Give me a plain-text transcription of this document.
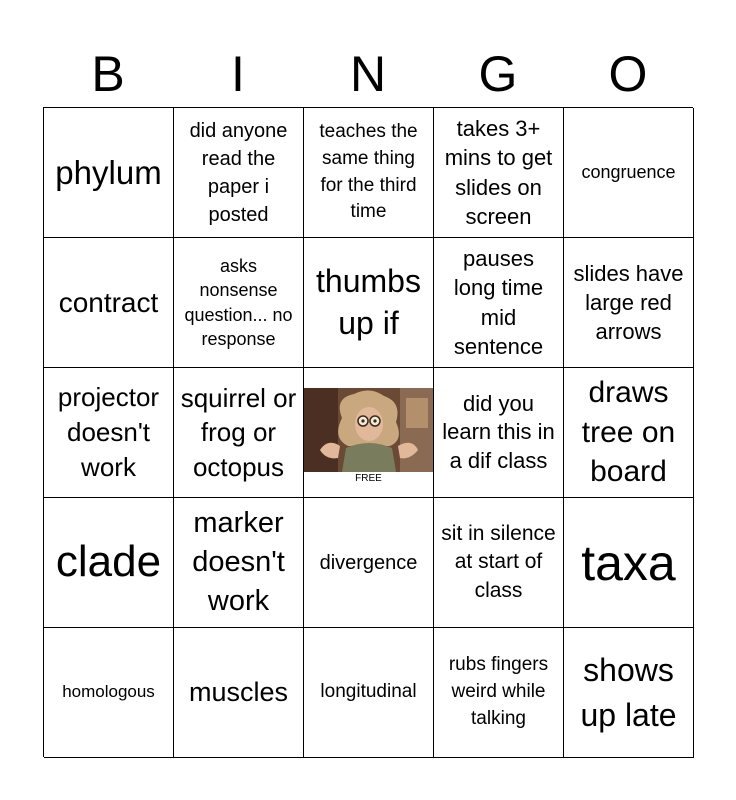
B	I	N	G	O
phylum
did anyone read the paper i posted
teaches the same thing for the third time
takes 3+ mins to get slides on screen
congruence
contract
asks nonsense question... no response
thumbs up if
pauses long time mid sentence
slides have large red arrows
projector doesn't work
squirrel or frog or octopus	FREE
did you learn this in a dif class
draws tree on board
clade
marker doesn't work
divergence
sit in silence at start of class	taxa
homologous muscles longitudinal
rubs fingers weird while talking
shows up late
